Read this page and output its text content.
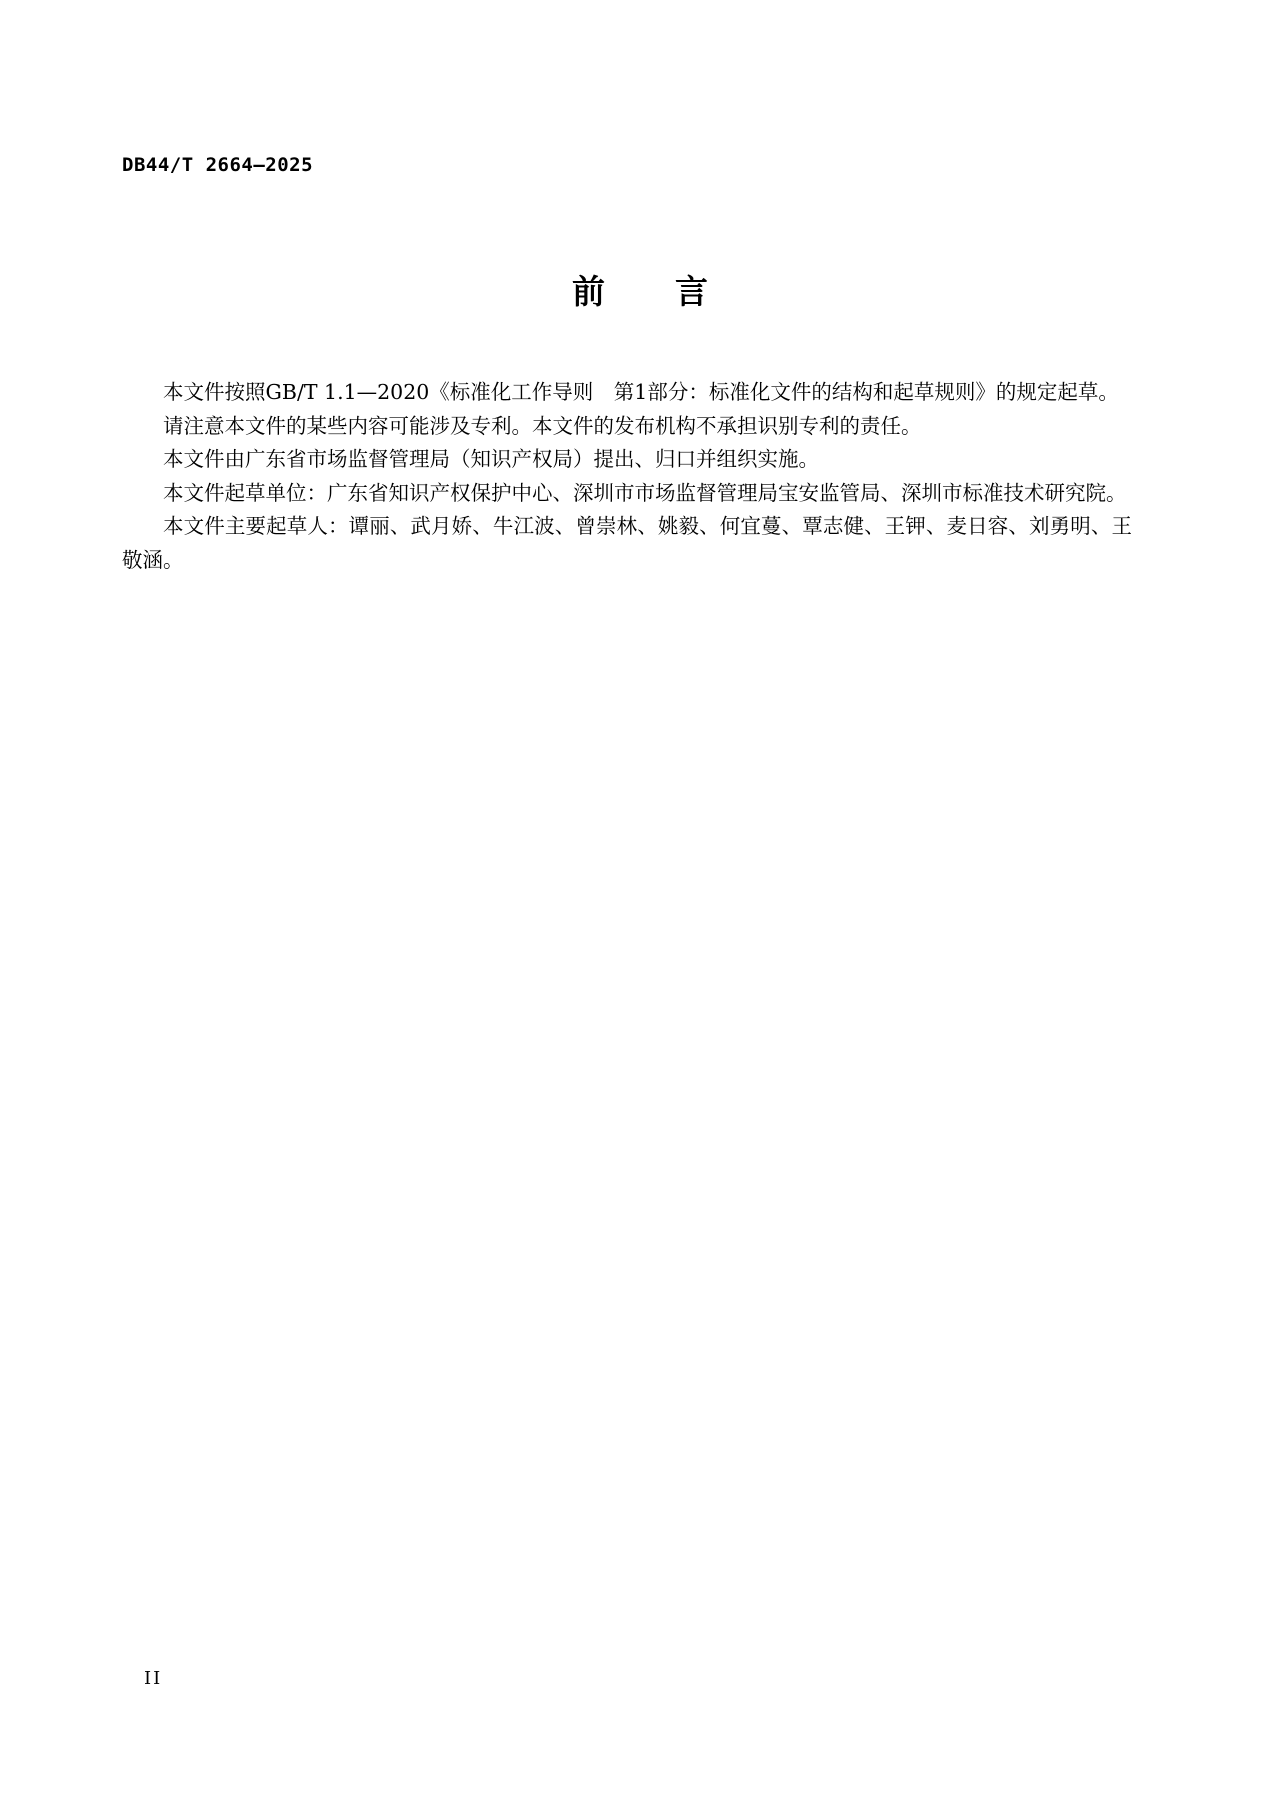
DB44/T 2664—2025
前 言

本文件按照GB/T 1.1—2020《标准化工作导则　第1部分：标准化文件的结构和起草规则》的规定起草。

请注意本文件的某些内容可能涉及专利。本文件的发布机构不承担识别专利的责任。

本文件由广东省市场监督管理局（知识产权局）提出、归口并组织实施。

本文件起草单位：广东省知识产权保护中心、深圳市市场监督管理局宝安监管局、深圳市标准技术研究院。

本文件主要起草人：谭丽、武月娇、牛江波、曾崇林、姚毅、何宜蔓、覃志健、王钾、麦日容、刘勇明、王敬涵。

II
